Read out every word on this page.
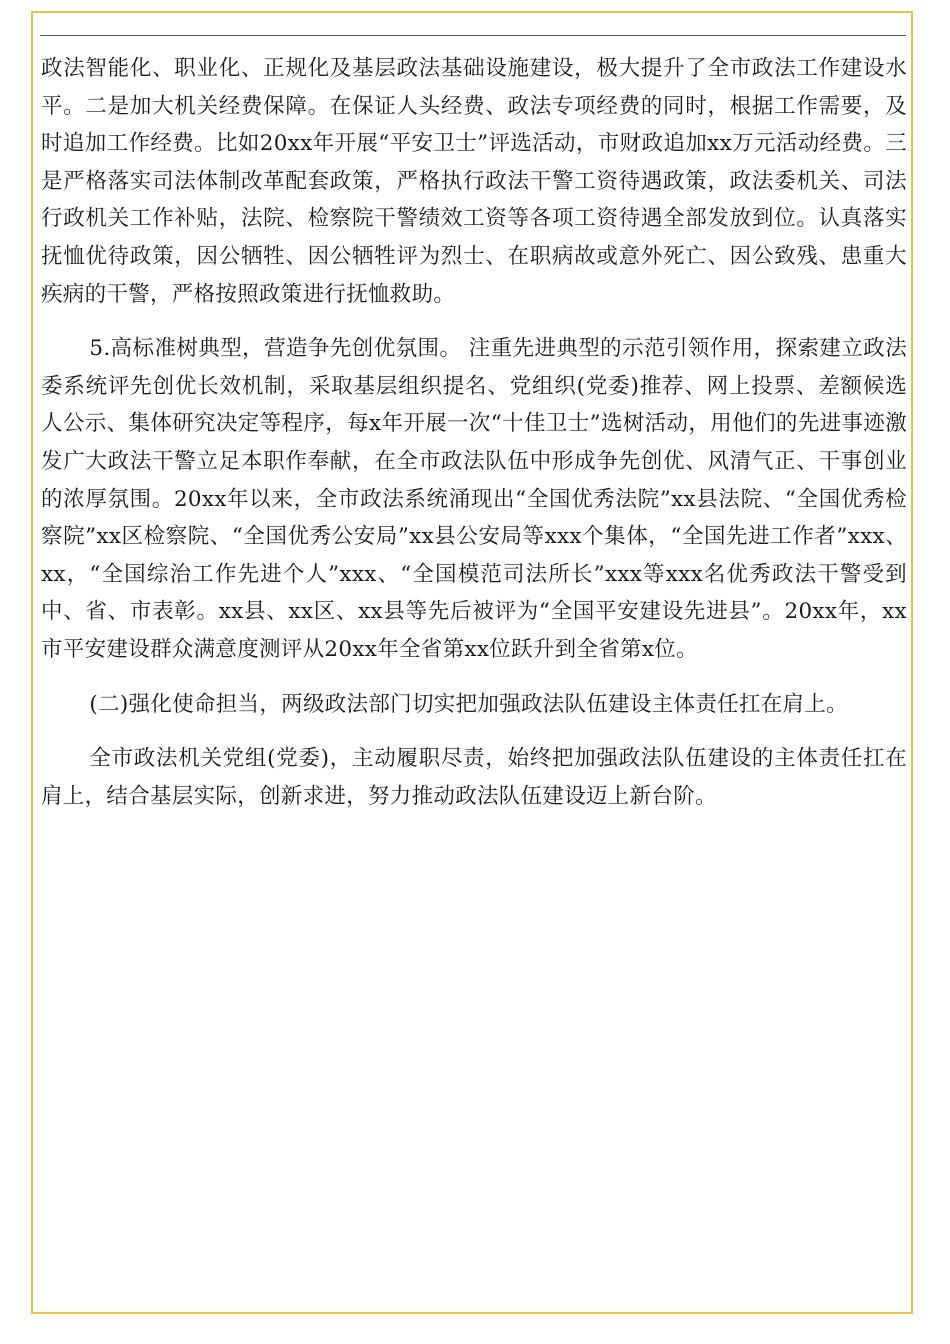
政法智能化、职业化、正规化及基层政法基础设施建设，极大提升了全市政法工作建设水平。二是加大机关经费保障。在保证人头经费、政法专项经费的同时，根据工作需要，及时追加工作经费。比如20xx年开展“平安卫士”评选活动，市财政追加xx万元活动经费。三是严格落实司法体制改革配套政策，严格执行政法干警工资待遇政策，政法委机关、司法行政机关工作补贴，法院、检察院干警绩效工资等各项工资待遇全部发放到位。认真落实抚恤优待政策，因公牺牲、因公牺牲评为烈士、在职病故或意外死亡、因公致残、患重大疾病的干警，严格按照政策进行抚恤救助。

5.高标准树典型，营造争先创优氛围。 注重先进典型的示范引领作用，探索建立政法委系统评先创优长效机制，采取基层组织提名、党组织(党委)推荐、网上投票、差额候选人公示、集体研究决定等程序，每x年开展一次“十佳卫士”选树活动，用他们的先进事迹激发广大政法干警立足本职作奉献，在全市政法队伍中形成争先创优、风清气正、干事创业的浓厚氛围。20xx年以来，全市政法系统涌现出“全国优秀法院”xx县法院、“全国优秀检察院”xx区检察院、“全国优秀公安局”xx县公安局等xxx个集体，“全国先进工作者”xxx、xx，“全国综治工作先进个人”xxx、“全国模范司法所长”xxx等xxx名优秀政法干警受到中、省、市表彰。xx县、xx区、xx县等先后被评为“全国平安建设先进县”。20xx年，xx市平安建设群众满意度测评从20xx年全省第xx位跃升到全省第x位。

(二)强化使命担当，两级政法部门切实把加强政法队伍建设主体责任扛在肩上。

全市政法机关党组(党委)，主动履职尽责，始终把加强政法队伍建设的主体责任扛在肩上，结合基层实际，创新求进，努力推动政法队伍建设迈上新台阶。
